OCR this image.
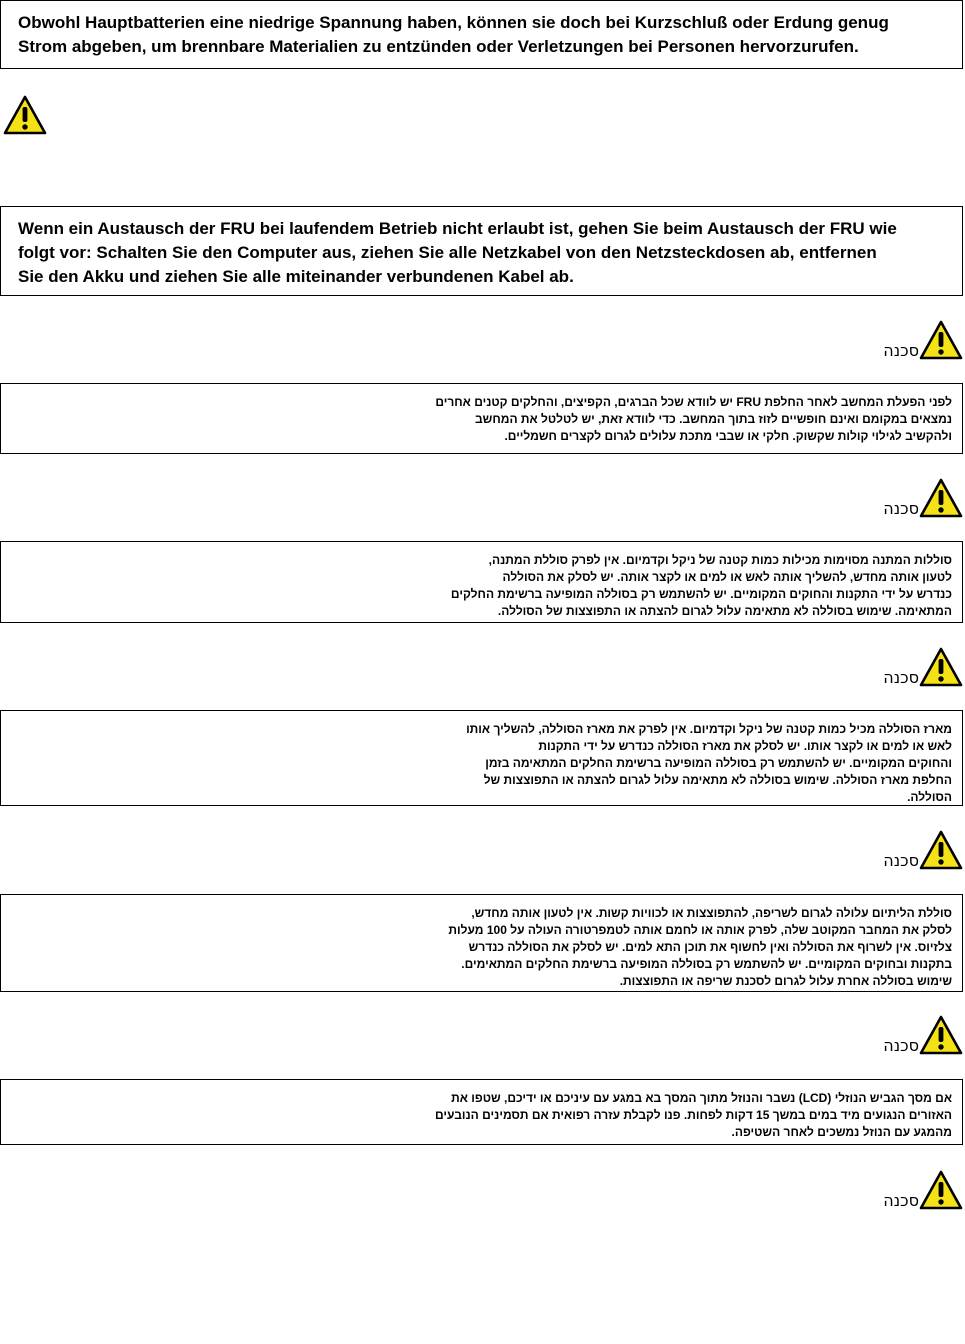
Obwohl Hauptbatterien eine niedrige Spannung haben, können sie doch bei Kurzschluß oder Erdung genug
Strom abgeben, um brennbare Materialien zu entzünden oder Verletzungen bei Personen hervorzurufen.

Wenn ein Austausch der FRU bei laufendem Betrieb nicht erlaubt ist, gehen Sie beim Austausch der FRU wie
folgt vor: Schalten Sie den Computer aus, ziehen Sie alle Netzkabel von den Netzsteckdosen ab, entfernen
Sie den Akku und ziehen Sie alle miteinander verbundenen Kabel ab.

סכנה

לפני הפעלת המחשב לאחר החלפת FRU יש לוודא שכל הברגים, הקפיצים, והחלקים קטנים אחרים
נמצאים במקומם ואינם חופשיים לזוז בתוך המחשב. כדי לוודא זאת, יש לטלטל את המחשב
ולהקשיב לגילוי קולות שקשוק. חלקי או שבבי מתכת עלולים לגרום לקצרים חשמליים.

סכנה

סוללות המתנה מסוימות מכילות כמות קטנה של ניקל וקדמיום. אין לפרק סוללת המתנה,
לטעון אותה מחדש, להשליך אותה לאש או למים או לקצר אותה. יש לסלק את הסוללה
כנדרש על ידי התקנות והחוקים המקומיים. יש להשתמש רק בסוללה המופיעה ברשימת החלקים
המתאימה. שימוש בסוללה לא מתאימה עלול לגרום להצתה או התפוצצות של הסוללה.

סכנה

מארז הסוללה מכיל כמות קטנה של ניקל וקדמיום. אין לפרק את מארז הסוללה, להשליך אותו
לאש או למים או לקצר אותו. יש לסלק את מארז הסוללה כנדרש על ידי התקנות
והחוקים המקומיים. יש להשתמש רק בסוללה המופיעה ברשימת החלקים המתאימה בזמן
החלפת מארז הסוללה. שימוש בסוללה לא מתאימה עלול לגרום להצתה או התפוצצות של
הסוללה.

סכנה

סוללת הליתיום עלולה לגרום לשריפה, להתפוצצות או לכוויות קשות. אין לטעון אותה מחדש,
לסלק את המחבר המקוטב שלה, לפרק אותה או לחמם אותה לטמפרטורה העולה על 100 מעלות
צלזיוס. אין לשרוף את הסוללה ואין לחשוף את תוכן התא למים. יש לסלק את הסוללה כנדרש
בתקנות ובחוקים המקומיים. יש להשתמש רק בסוללה המופיעה ברשימת החלקים המתאימים.
שימוש בסוללה אחרת עלול לגרום לסכנת שריפה או התפוצצות.

סכנה

אם מסך הגביש הנוזלי (LCD) נשבר והנוזל מתוך המסך בא במגע עם עיניכם או ידיכם, שטפו את
האזורים הנגועים מיד במים במשך 15 דקות לפחות. פנו לקבלת עזרה רפואית אם תסמינים הנובעים
מהמגע עם הנוזל נמשכים לאחר השטיפה.

סכנה
